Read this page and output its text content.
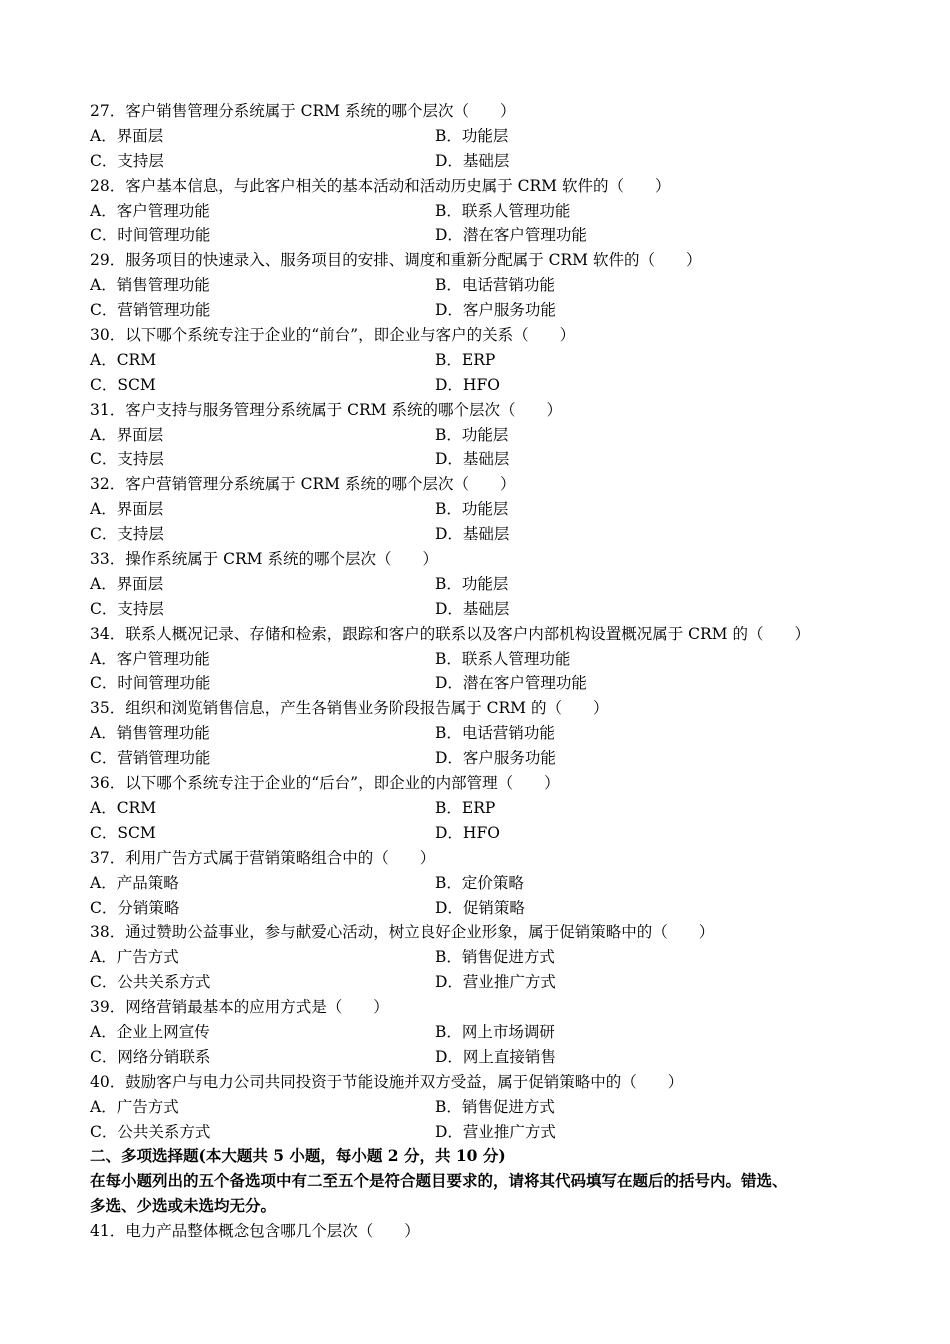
27．客户销售管理分系统属于 CRM 系统的哪个层次（　　）
A．界面层	B．功能层
C．支持层	D．基础层
28．客户基本信息，与此客户相关的基本活动和活动历史属于 CRM 软件的（　　）
A．客户管理功能	B．联系人管理功能
C．时间管理功能	D．潜在客户管理功能
29．服务项目的快速录入、服务项目的安排、调度和重新分配属于 CRM 软件的（　　）
A．销售管理功能	B．电话营销功能
C．营销管理功能	D．客户服务功能
30．以下哪个系统专注于企业的“前台”，即企业与客户的关系（　　）
A．CRM	B．ERP
C．SCM	D．HFO
31．客户支持与服务管理分系统属于 CRM 系统的哪个层次（　　）
A．界面层	B．功能层
C．支持层	D．基础层
32．客户营销管理分系统属于 CRM 系统的哪个层次（　　）
A．界面层	B．功能层
C．支持层	D．基础层
33．操作系统属于 CRM 系统的哪个层次（　　）
A．界面层	B．功能层
C．支持层	D．基础层
34．联系人概况记录、存储和检索，跟踪和客户的联系以及客户内部机构设置概况属于 CRM 的（　　）
A．客户管理功能	B．联系人管理功能
C．时间管理功能	D．潜在客户管理功能
35．组织和浏览销售信息，产生各销售业务阶段报告属于 CRM 的（　　）
A．销售管理功能	B．电话营销功能
C．营销管理功能	D．客户服务功能
36．以下哪个系统专注于企业的“后台”，即企业的内部管理（　　）
A．CRM	B．ERP
C．SCM	D．HFO
37．利用广告方式属于营销策略组合中的（　　）
A．产品策略	B．定价策略
C．分销策略	D．促销策略
38．通过赞助公益事业，参与献爱心活动，树立良好企业形象，属于促销策略中的（　　）
A．广告方式	B．销售促进方式
C．公共关系方式	D．营业推广方式
39．网络营销最基本的应用方式是（　　）
A．企业上网宣传	B．网上市场调研
C．网络分销联系	D．网上直接销售
40．鼓励客户与电力公司共同投资于节能设施并双方受益，属于促销策略中的（　　）
A．广告方式	B．销售促进方式
C．公共关系方式	D．营业推广方式
二、多项选择题(本大题共 5 小题，每小题 2 分，共 10 分)
在每小题列出的五个备选项中有二至五个是符合题目要求的，请将其代码填写在题后的括号内。错选、
多选、少选或未选均无分。
41．电力产品整体概念包含哪几个层次（　　）
